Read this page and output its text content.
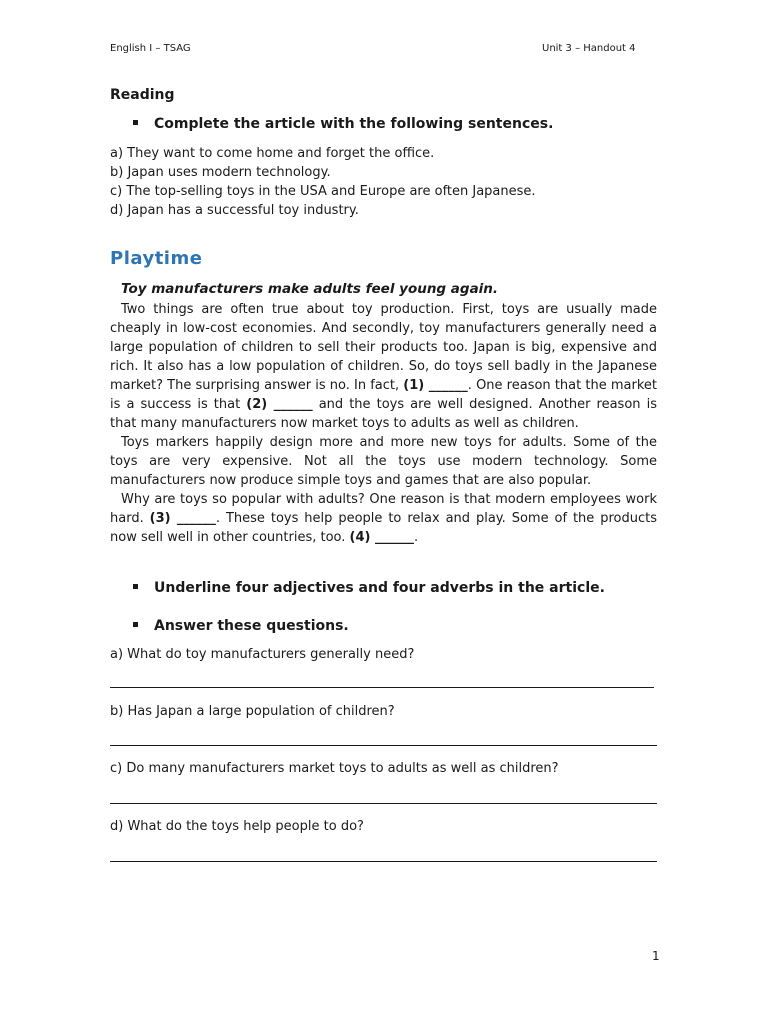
English I – TSAG	Unit 3 – Handout 4
Reading
Complete the article with the following sentences.
a) They want to come home and forget the office.
b) Japan uses modern technology.
c) The top-selling toys in the USA and Europe are often Japanese.
d) Japan has a successful toy industry.
Playtime
Toy manufacturers make adults feel young again.

Two things are often true about toy production. First, toys are usually made cheaply in low-cost economies. And secondly, toy manufacturers generally need a large population of children to sell their products too. Japan is big, expensive and rich. It also has a low population of children. So, do toys sell badly in the Japanese market? The surprising answer is no. In fact, (1) ______. One reason that the market is a success is that (2) ______ and the toys are well designed. Another reason is that many manufacturers now market toys to adults as well as children.

Toys markers happily design more and more new toys for adults. Some of the toys are very expensive. Not all the toys use modern technology. Some manufacturers now produce simple toys and games that are also popular.

Why are toys so popular with adults? One reason is that modern employees work hard. (3) ______. These toys help people to relax and play. Some of the products now sell well in other countries, too. (4) ______.

Underline four adjectives and four adverbs in the article.
Answer these questions.
a) What do toy manufacturers generally need?
b) Has Japan a large population of children?
c) Do many manufacturers market toys to adults as well as children?
d) What do the toys help people to do?
1
